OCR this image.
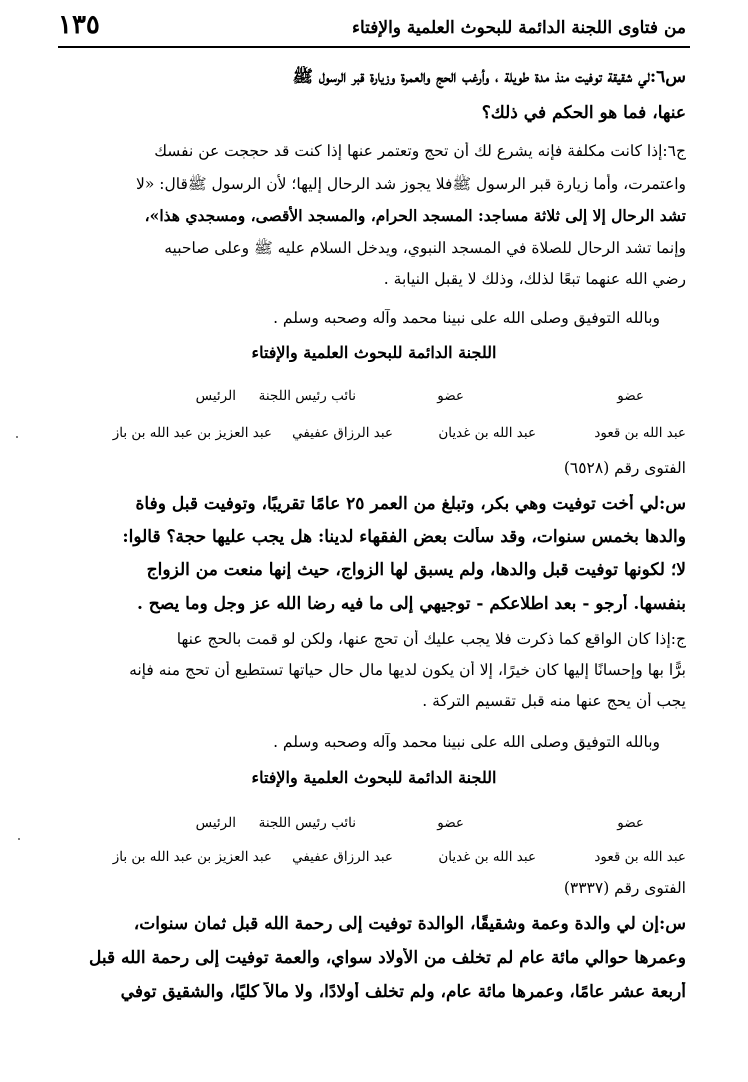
من فتاوى اللجنة الدائمة للبحوث العلمية والإفتاء
١٣٥
س٦:لي شقيقة توفيت منذ مدة طويلة ، وأرغب الحج والعمرة وزيارة قبر الرسول ﷺ
عنها، فما هو الحكم في ذلك؟
ج٦:إذا كانت مكلفة فإنه يشرع لك أن تحج وتعتمر عنها إذا كنت قد حججت عن نفسك
واعتمرت، وأما زيارة قبر الرسول ﷺفلا يجوز شد الرحال إليها؛ لأن الرسول ﷺقال: «لا
تشد الرحال إلا إلى ثلاثة مساجد: المسجد الحرام، والمسجد الأقصى، ومسجدي هذا»،
وإنما تشد الرحال للصلاة في المسجد النبوي، ويدخل السلام عليه ﷺ وعلى صاحبيه
رضي الله عنهما تبعًا لذلك، وذلك لا يقبل النيابة .
وبالله التوفيق وصلى الله على نبينا محمد وآله وصحبه وسلم .
اللجنة الدائمة للبحوث العلمية والإفتاء
عضو
عضو
نائب رئيس اللجنة
الرئيس
عبد الله بن قعود
عبد الله بن غديان
عبد الرزاق عفيفي
عبد العزيز بن عبد الله بن باز
الفتوى رقم (٦٥٢٨)
س:لي أخت توفيت وهي بكر، وتبلغ من العمر ٢٥ عامًا تقريبًا، وتوفيت قبل وفاة
والدها بخمس سنوات، وقد سألت بعض الفقهاء لدينا: هل يجب عليها حجة؟ قالوا:
لا؛ لكونها توفيت قبل والدها، ولم يسبق لها الزواج، حيث إنها منعت من الزواج
بنفسها. أرجو - بعد اطلاعكم - توجيهي إلى ما فيه رضا الله عز وجل وما يصح .
ج:إذا كان الواقع كما ذكرت فلا يجب عليك أن تحج عنها، ولكن لو قمت بالحج عنها
برًّا بها وإحسانًا إليها كان خيرًا، إلا أن يكون لديها مال حال حياتها تستطيع أن تحج منه فإنه
يجب أن يحج عنها منه قبل تقسيم التركة .
وبالله التوفيق وصلى الله على نبينا محمد وآله وصحبه وسلم .
اللجنة الدائمة للبحوث العلمية والإفتاء
عضو
عضو
نائب رئيس اللجنة
الرئيس
عبد الله بن قعود
عبد الله بن غديان
عبد الرزاق عفيفي
عبد العزيز بن عبد الله بن باز
الفتوى رقم (٣٣٣٧)
س:إن لي والدة وعمة وشقيقًا، الوالدة توفيت إلى رحمة الله قبل ثمان سنوات،
وعمرها حوالي مائة عام لم تخلف من الأولاد سواي، والعمة توفيت إلى رحمة الله قبل
أربعة عشر عامًا، وعمرها مائة عام، ولم تخلف أولادًا، ولا مالاً كليًا، والشقيق توفي
